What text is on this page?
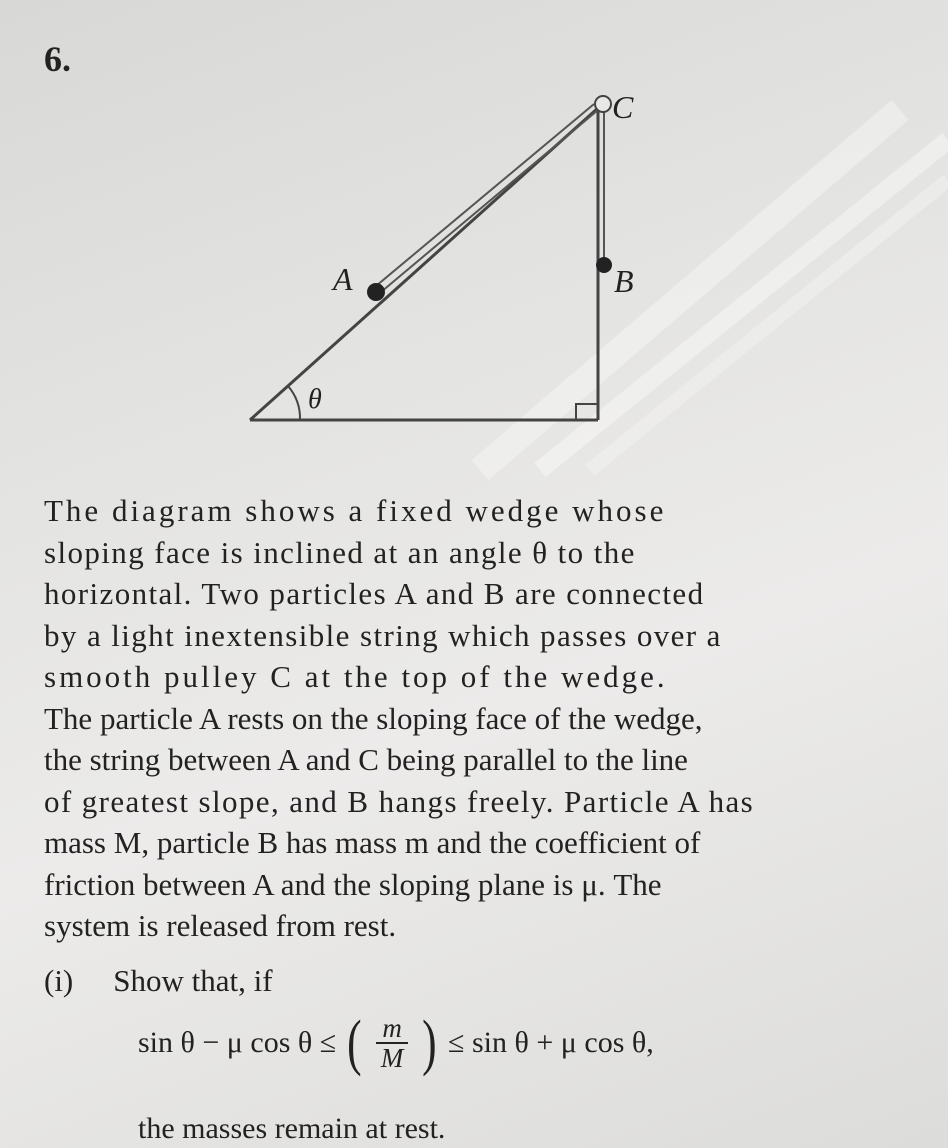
6.
A	B
C
θ
The diagram shows a fixed wedge whose
sloping face is inclined at an angle θ to the
horizontal. Two particles A and B are connected
by a light inextensible string which passes over a
smooth pulley C at the top of the wedge.
The particle A rests on the sloping face of the wedge,
the string between A and C being parallel to the line
of greatest slope, and B hangs freely. Particle A has
mass M, particle B has mass m and the coefficient of
friction between A and the sloping plane is μ. The
system is released from rest.
(i) Show that, if
sin θ − μ cos θ ≤ ( $\frac{m}{M}$ ) ≤ sin θ + μ cos θ,
the masses remain at rest.
